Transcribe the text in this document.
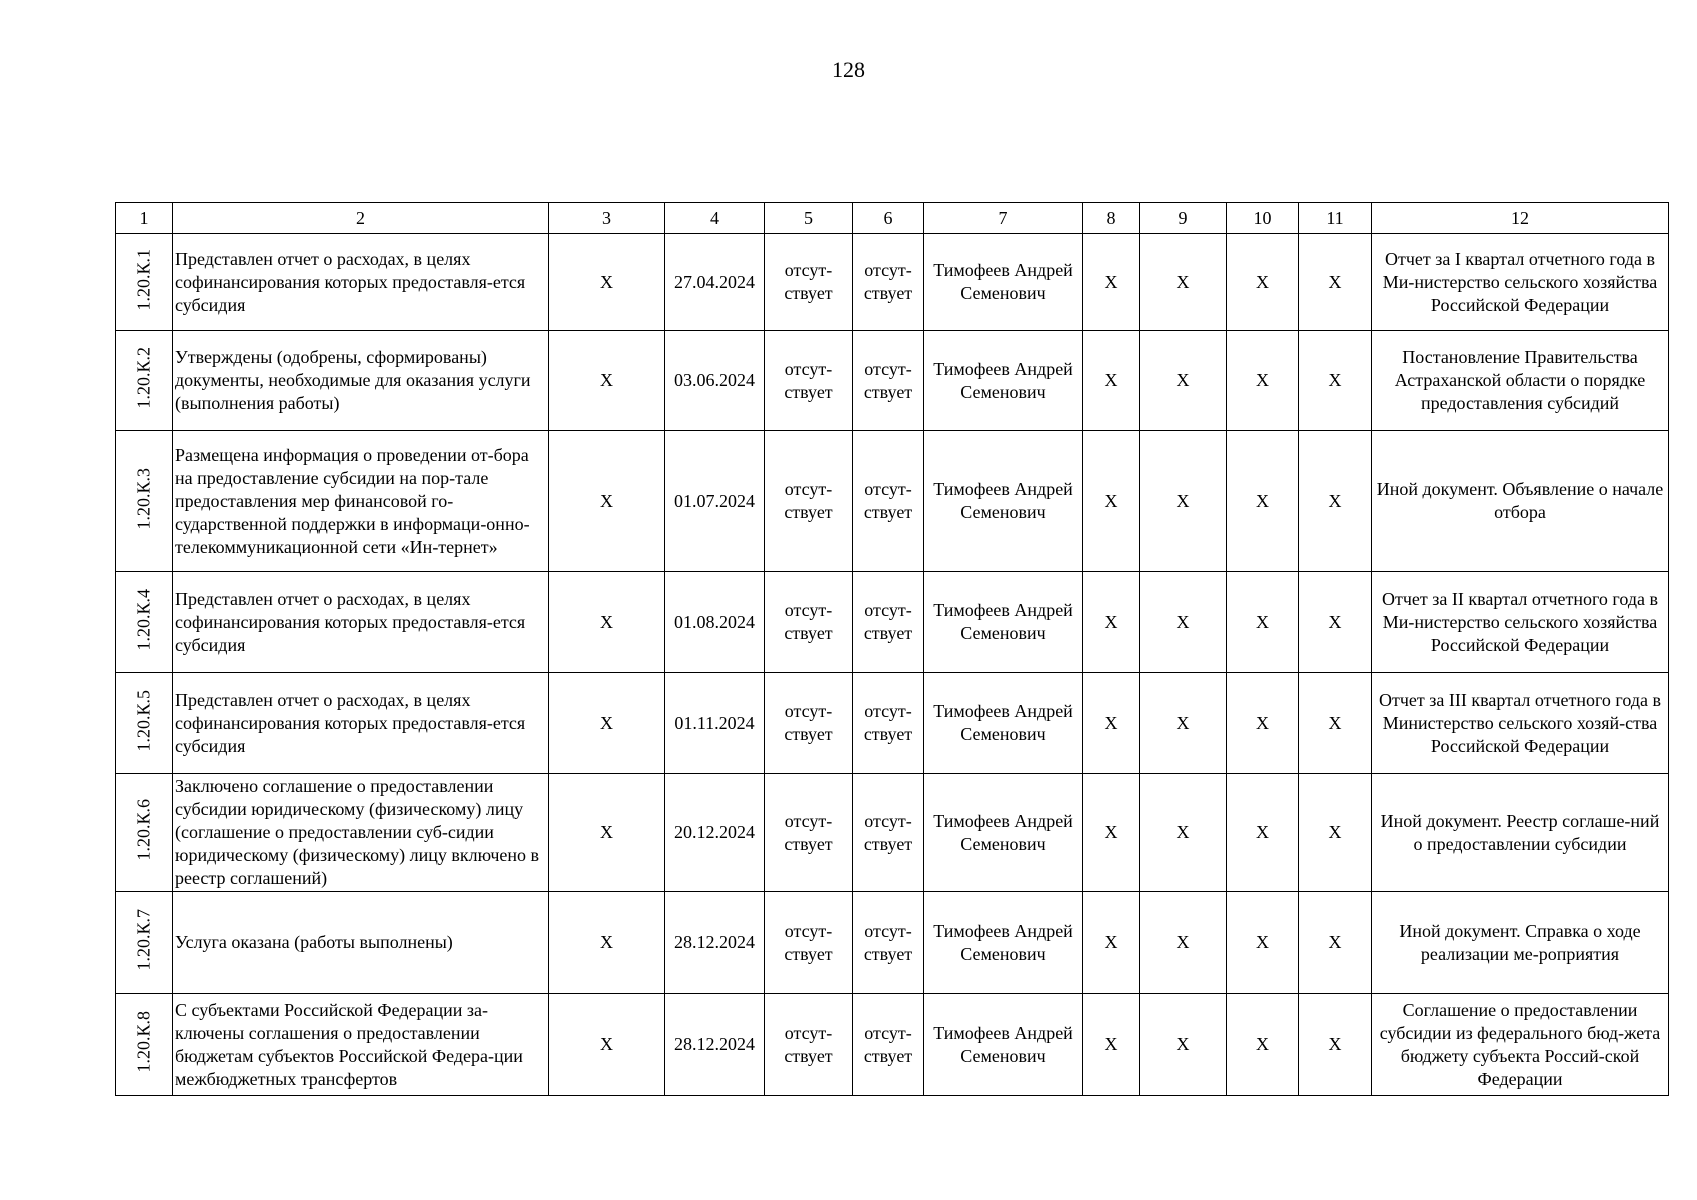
128
1	2	3	4	5	6	7	8	9	10	11	12

1.20.К.1	Представлен отчет о расходах, в целях софинансирования которых предоставля-ется субсидия	X	27.04.2024	отсут-ствует	отсут-ствует	Тимофеев Андрей Семенович	X	X	X	X	Отчет за I квартал отчетного года в Ми-нистерство сельского хозяйства Российской Федерации

1.20.К.2	Утверждены (одобрены, сформированы) документы, необходимые для оказания услуги (выполнения работы)	X	03.06.2024	отсут-ствует	отсут-ствует	Тимофеев Андрей Семенович	X	X	X	X	Постановление Правительства Астраханской области о порядке предоставления субсидий

1.20.К.3	Размещена информация о проведении от-бора на предоставление субсидии на пор-тале предоставления мер финансовой го-сударственной поддержки в информаци-онно-телекоммуникационной сети «Ин-тернет»	X	01.07.2024	отсут-ствует	отсут-ствует	Тимофеев Андрей Семенович	X	X	X	X	Иной документ. Объявление о начале отбора

1.20.К.4	Представлен отчет о расходах, в целях софинансирования которых предоставля-ется субсидия	X	01.08.2024	отсут-ствует	отсут-ствует	Тимофеев Андрей Семенович	X	X	X	X	Отчет за II квартал отчетного года в Ми-нистерство сельского хозяйства Российской Федерации

1.20.К.5	Представлен отчет о расходах, в целях софинансирования которых предоставля-ется субсидия	X	01.11.2024	отсут-ствует	отсут-ствует	Тимофеев Андрей Семенович	X	X	X	X	Отчет за III квартал отчетного года в Министерство сельского хозяй-ства Российской Федерации

1.20.К.6	Заключено соглашение о предоставлении субсидии юридическому (физическому) лицу (соглашение о предоставлении суб-сидии юридическому (физическому) лицу включено в реестр соглашений)	X	20.12.2024	отсут-ствует	отсут-ствует	Тимофеев Андрей Семенович	X	X	X	X	Иной документ. Реестр соглаше-ний о предоставлении субсидии

1.20.К.7	Услуга оказана (работы выполнены)	X	28.12.2024	отсут-ствует	отсут-ствует	Тимофеев Андрей Семенович	X	X	X	X	Иной документ. Справка о ходе реализации ме-роприятия

1.20.К.8	С субъектами Российской Федерации за-ключены соглашения о предоставлении бюджетам субъектов Российской Федера-ции межбюджетных трансфертов	X	28.12.2024	отсут-ствует	отсут-ствует	Тимофеев Андрей Семенович	X	X	X	X	Соглашение о предоставлении субсидии из федерального бюд-жета бюджету субъекта Россий-ской Федерации
